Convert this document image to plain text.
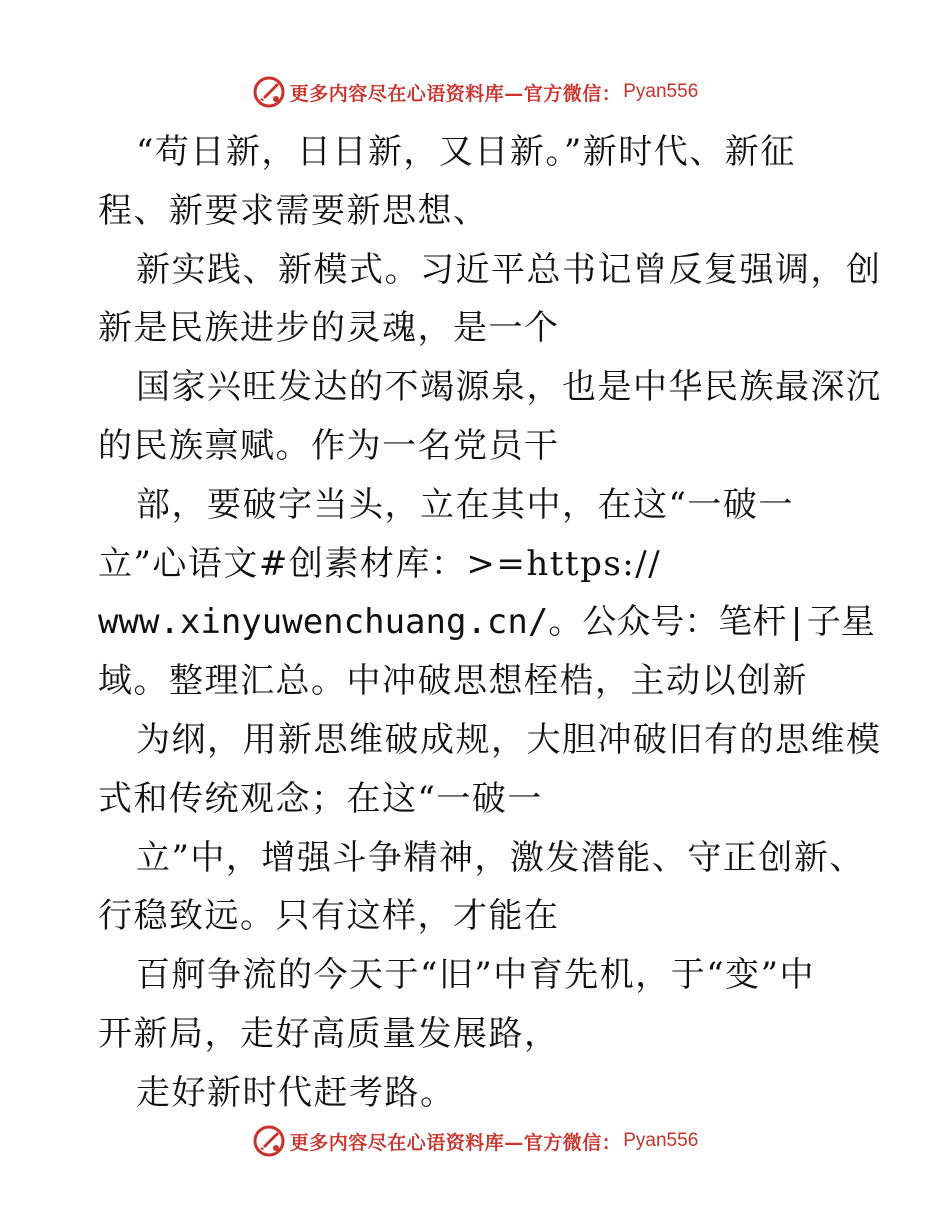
更多内容尽在心语资料库—官方微信： Pyan556
“苟日新，日日新，又日新。”新时代、新征
程、新要求需要新思想、
新实践、新模式。习近平总书记曾反复强调，创
新是民族进步的灵魂，是一个
国家兴旺发达的不竭源泉，也是中华民族最深沉
的民族禀赋。作为一名党员干
部，要破字当头，立在其中，在这“一破一
立”心语文#创素材库：>=https://
www.xinyuwenchuang.cn/。公众号：笔杆|子星
域。整理汇总。中冲破思想桎梏，主动以创新
为纲，用新思维破成规，大胆冲破旧有的思维模
式和传统观念；在这“一破一
立”中，增强斗争精神，激发潜能、守正创新、
行稳致远。只有这样，才能在
百舸争流的今天于“旧”中育先机，于“变”中
开新局，走好高质量发展路，
走好新时代赶考路。
更多内容尽在心语资料库—官方微信： Pyan556
